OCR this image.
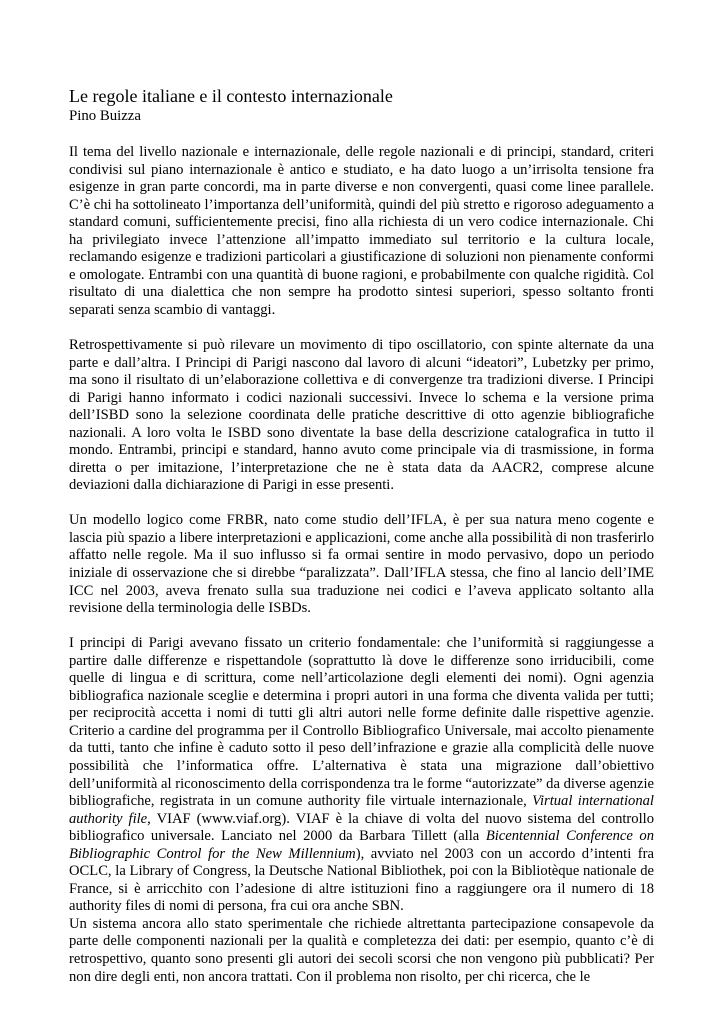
Le regole italiane e il contesto internazionale
Pino Buizza

Il tema del livello nazionale e internazionale, delle regole nazionali e di principi, standard, criteri condivisi sul piano internazionale è antico e studiato, e ha dato luogo a un’irrisolta tensione fra esigenze in gran parte concordi, ma in parte diverse e non convergenti, quasi come linee parallele. C’è chi ha sottolineato l’importanza dell’uniformità, quindi del più stretto e rigoroso adeguamento a standard comuni, sufficientemente precisi, fino alla richiesta di un vero codice internazionale. Chi ha privilegiato invece l’attenzione all’impatto immediato sul territorio e la cultura locale, reclamando esigenze e tradizioni particolari a giustificazione di soluzioni non pienamente conformi e omologate. Entrambi con una quantità di buone ragioni, e probabilmente con qualche rigidità. Col risultato di una dialettica che non sempre ha prodotto sintesi superiori, spesso soltanto fronti separati senza scambio di vantaggi.

Retrospettivamente si può rilevare un movimento di tipo oscillatorio, con spinte alternate da una parte e dall’altra. I Principi di Parigi nascono dal lavoro di alcuni “ideatori”, Lubetzky per primo, ma sono il risultato di un’elaborazione collettiva e di convergenze tra tradizioni diverse. I Principi di Parigi hanno informato i codici nazionali successivi. Invece lo schema e la versione prima dell’ISBD sono la selezione coordinata delle pratiche descrittive di otto agenzie bibliografiche nazionali. A loro volta le ISBD sono diventate la base della descrizione catalografica in tutto il mondo. Entrambi, principi e standard, hanno avuto come principale via di trasmissione, in forma diretta o per imitazione, l’interpretazione che ne è stata data da AACR2, comprese alcune deviazioni dalla dichiarazione di Parigi in esse presenti.

Un modello logico come FRBR, nato come studio dell’IFLA, è per sua natura meno cogente e lascia più spazio a libere interpretazioni e applicazioni, come anche alla possibilità di non trasferirlo affatto nelle regole. Ma il suo influsso si fa ormai sentire in modo pervasivo, dopo un periodo iniziale di osservazione che si direbbe “paralizzata”. Dall’IFLA stessa, che fino al lancio dell’IME ICC nel 2003, aveva frenato sulla sua traduzione nei codici e l’aveva applicato soltanto alla revisione della terminologia delle ISBDs.

I principi di Parigi avevano fissato un criterio fondamentale: che l’uniformità si raggiungesse a partire dalle differenze e rispettandole (soprattutto là dove le differenze sono irriducibili, come quelle di lingua e di scrittura, come nell’articolazione degli elementi dei nomi). Ogni agenzia bibliografica nazionale sceglie e determina i propri autori in una forma che diventa valida per tutti; per reciprocità accetta i nomi di tutti gli altri autori nelle forme definite dalle rispettive agenzie. Criterio a cardine del programma per il Controllo Bibliografico Universale, mai accolto pienamente da tutti, tanto che infine è caduto sotto il peso dell’infrazione e grazie alla complicità delle nuove possibilità che l’informatica offre. L’alternativa è stata una migrazione dall’obiettivo dell’uniformità al riconoscimento della corrispondenza tra le forme “autorizzate” da diverse agenzie bibliografiche, registrata in un comune authority file virtuale internazionale, Virtual international authority file, VIAF (www.viaf.org). VIAF è la chiave di volta del nuovo sistema del controllo bibliografico universale. Lanciato nel 2000 da Barbara Tillett (alla Bicentennial Conference on Bibliographic Control for the New Millennium), avviato nel 2003 con un accordo d’intenti fra OCLC, la Library of Congress, la Deutsche National Bibliothek, poi con la Bibliotèque nationale de France, si è arricchito con l’adesione di altre istituzioni fino a raggiungere ora il numero di 18 authority files di nomi di persona, fra cui ora anche SBN.

Un sistema ancora allo stato sperimentale che richiede altrettanta partecipazione consapevole da parte delle componenti nazionali per la qualità e completezza dei dati: per esempio, quanto c’è di retrospettivo, quanto sono presenti gli autori dei secoli scorsi che non vengono più pubblicati? Per non dire degli enti, non ancora trattati. Con il problema non risolto, per chi ricerca, che le
